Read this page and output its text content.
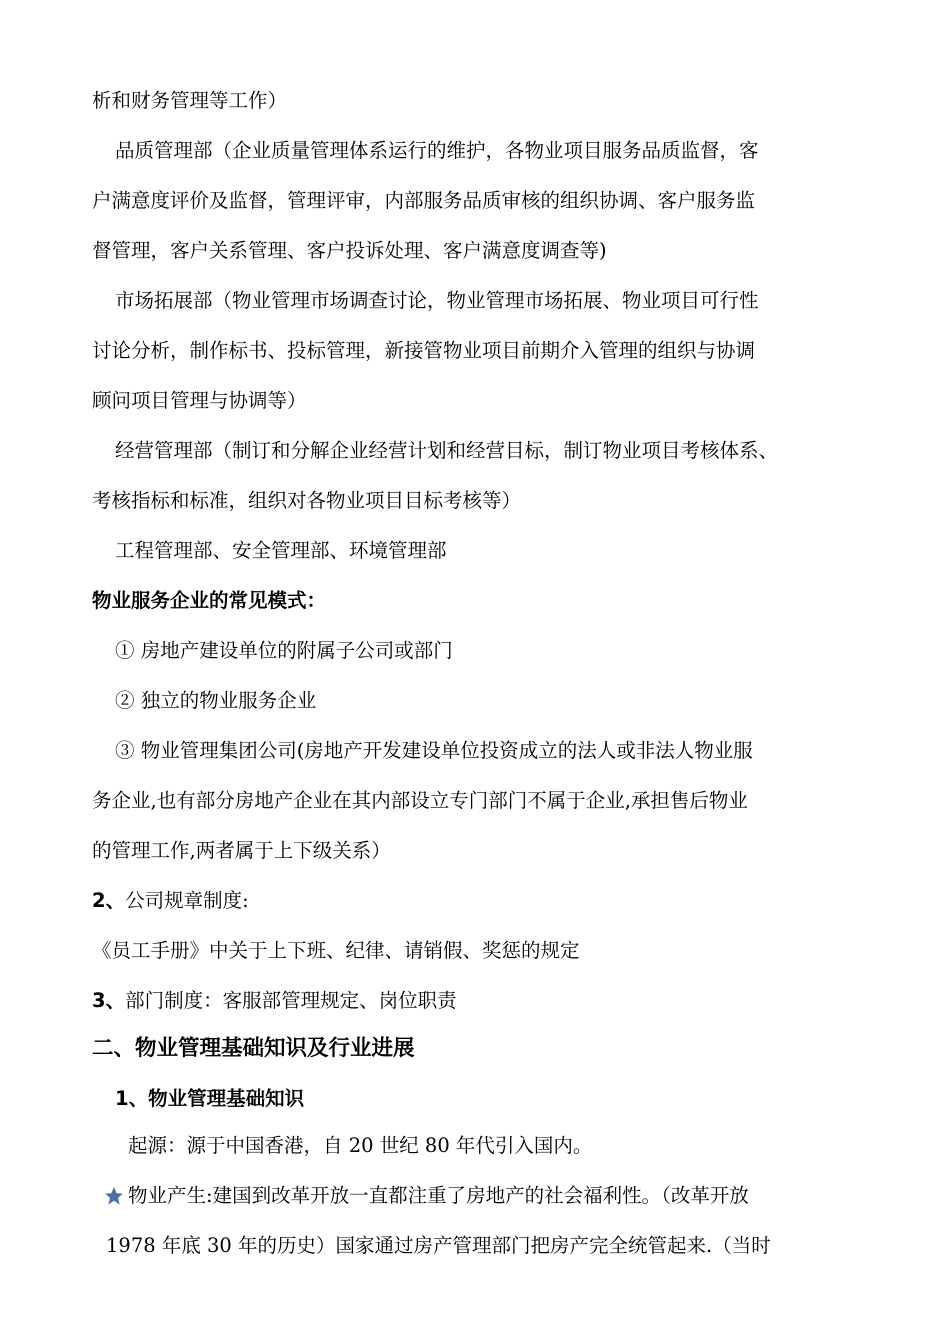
析和财务管理等工作）
品质管理部（企业质量管理体系运行的维护，各物业项目服务品质监督，客
户满意度评价及监督，管理评审，内部服务品质审核的组织协调、客户服务监
督管理，客户关系管理、客户投诉处理、客户满意度调查等)
市场拓展部（物业管理市场调查讨论，物业管理市场拓展、物业项目可行性
讨论分析，制作标书、投标管理，新接管物业项目前期介入管理的组织与协调
顾问项目管理与协调等）
经营管理部（制订和分解企业经营计划和经营目标，制订物业项目考核体系、
考核指标和标准，组织对各物业项目目标考核等）
工程管理部、安全管理部、环境管理部
物业服务企业的常见模式：
① 房地产建设单位的附属子公司或部门
② 独立的物业服务企业
③ 物业管理集团公司(房地产开发建设单位投资成立的法人或非法人物业服
务企业,也有部分房地产企业在其内部设立专门部门不属于企业,承担售后物业
的管理工作,两者属于上下级关系）
2、公司规章制度:
《员工手册》中关于上下班、纪律、请销假、奖惩的规定
3、部门制度：客服部管理规定、岗位职责
二、物业管理基础知识及行业进展
1、物业管理基础知识
起源：源于中国香港，自 20 世纪 80 年代引入国内。
物业产生:建国到改革开放一直都注重了房地产的社会福利性。（改革开放
1978 年底 30 年的历史）国家通过房产管理部门把房产完全统管起来.（当时
